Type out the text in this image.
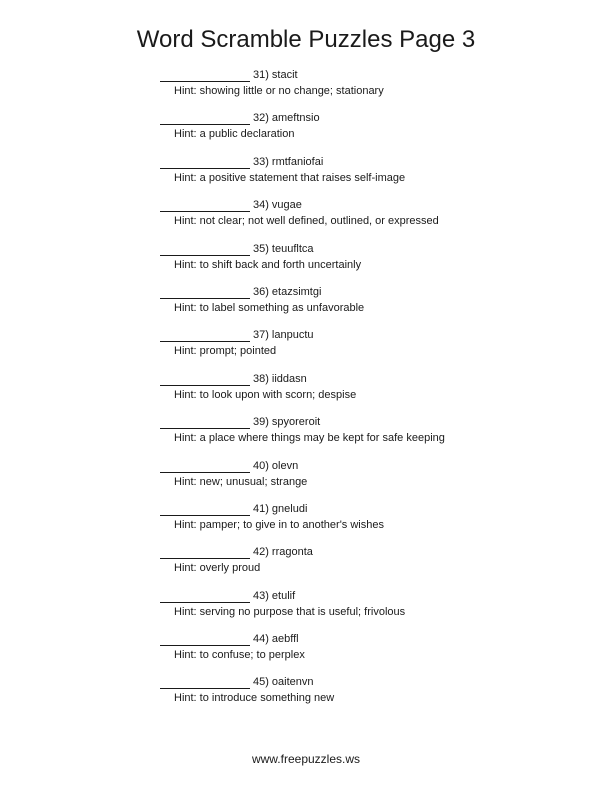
Word Scramble Puzzles Page 3
31) stacit
Hint: showing little or no change; stationary
32) ameftnsio
Hint: a public declaration
33) rmtfaniofai
Hint: a positive statement that raises self-image
34) vugae
Hint: not clear; not well defined, outlined, or expressed
35) teuufltca
Hint: to shift back and forth uncertainly
36) etazsimtgi
Hint: to label something as unfavorable
37) lanpuctu
Hint: prompt; pointed
38) iiddasn
Hint: to look upon with scorn; despise
39) spyoreroit
Hint: a place where things may be kept for safe keeping
40) olevn
Hint: new; unusual; strange
41) gneludi
Hint: pamper; to give in to another's wishes
42) rragonta
Hint: overly proud
43) etulif
Hint: serving no purpose that is useful; frivolous
44) aebffl
Hint: to confuse; to perplex
45) oaitenvn
Hint: to introduce something new
www.freepuzzles.ws
